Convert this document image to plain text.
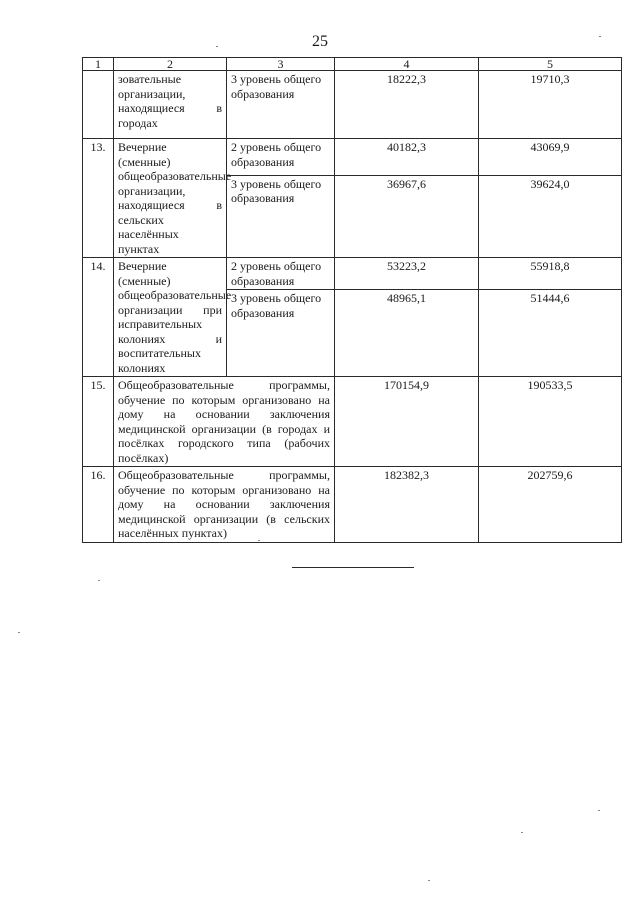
25
1	2	3	4	5
	зовательные организации, находящиеся в городах	3 уровень общего образования	18222,3	19710,3
13.	Вечерние (сменные) общеобразовательные организации, находящиеся в сельских населённых пунктах	2 уровень общего образования	40182,3	43069,9
		3 уровень общего образования	36967,6	39624,0
14.	Вечерние (сменные) общеобразовательные организации при исправительных колониях и воспитательных колониях	2 уровень общего образования	53223,2	55918,8
		3 уровень общего образования	48965,1	51444,6
15.	Общеобразовательные программы, обучение по которым организовано на дому на основании заключения медицинской организации (в городах и посёлках городского типа (рабочих посёлках)		170154,9	190533,5
16.	Общеобразовательные программы, обучение по которым организовано на дому на основании заключения медицинской организации (в сельских населённых пунктах)		182382,3	202759,6
